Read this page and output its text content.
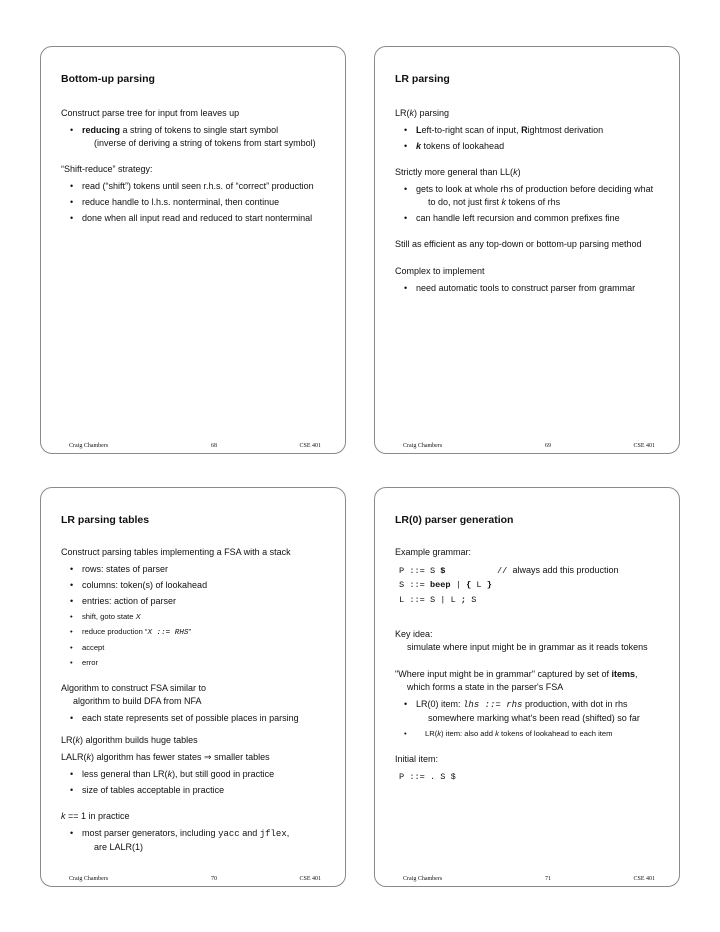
Bottom-up parsing
Construct parse tree for input from leaves up
• reducing a string of tokens to single start symbol
(inverse of deriving a string of tokens from start symbol)
“Shift-reduce” strategy:
• read (“shift”) tokens until seen r.h.s. of “correct” production
• reduce handle to l.h.s. nonterminal, then continue
• done when all input read and reduced to start nonterminal
Craig Chambers	68	CSE 401
LR parsing
LR(k) parsing
• Left-to-right scan of input, Rightmost derivation
• k tokens of lookahead
Strictly more general than LL(k)
• gets to look at whole rhs of production before deciding what
to do, not just first k tokens of rhs
• can handle left recursion and common prefixes fine
Still as efficient as any top-down or bottom-up parsing method
Complex to implement
• need automatic tools to construct parser from grammar
Craig Chambers	69	CSE 401
LR parsing tables
Construct parsing tables implementing a FSA with a stack
• rows: states of parser
• columns: token(s) of lookahead
• entries: action of parser
• shift, goto state X
• reduce production “X ::= RHS”
• accept
• error
Algorithm to construct FSA similar to
algorithm to build DFA from NFA
• each state represents set of possible places in parsing
LR(k) algorithm builds huge tables
LALR(k) algorithm has fewer states ⇒ smaller tables
• less general than LR(k), but still good in practice
• size of tables acceptable in practice
k == 1 in practice
• most parser generators, including yacc and jflex,
are LALR(1)
Craig Chambers	70	CSE 401
LR(0) parser generation
Example grammar:
P ::= S $          // always add this production
S ::= beep | { L }
L ::= S | L ; S
Key idea:
simulate where input might be in grammar as it reads tokens
"Where input might be in grammar" captured by set of items,
which forms a state in the parser's FSA
• LR(0) item: lhs ::= rhs production, with dot in rhs
somewhere marking what's been read (shifted) so far
• LR(k) item: also add k tokens of lookahead to each item
Initial item:
P ::= . S $
Craig Chambers	71	CSE 401
